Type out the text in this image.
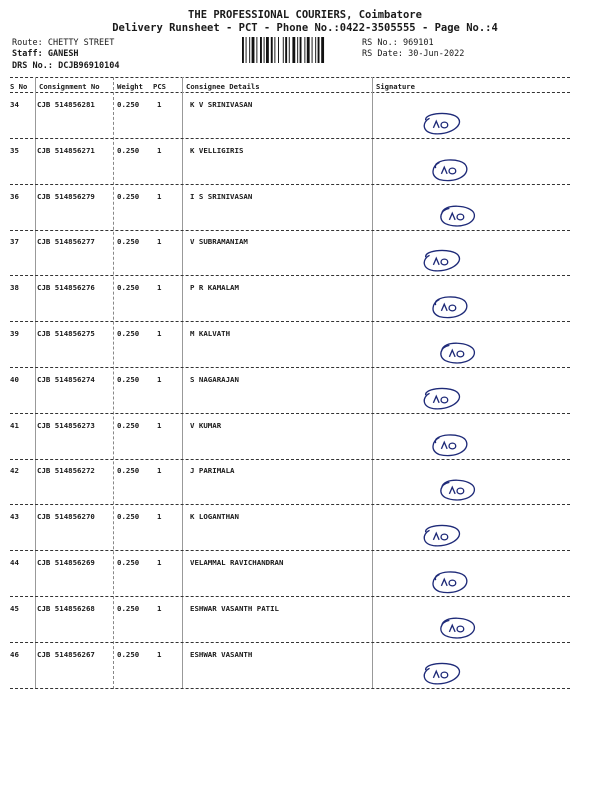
THE PROFESSIONAL COURIERS, Coimbatore
Delivery Runsheet - PCT - Phone No.:0422-3505555 - Page No.:4
Route: CHETTY STREET
Staff: GANESH
DRS No.: DCJB96910104
RS No.: 969101
RS Date: 30-Jun-2022
S No Consignment No Weight PCS	Consignee Details	Signature
34 CJB 514856281	0.250 1	K V SRINIVASAN
35 CJB 514856271	0.250 1	K VELLIGIRIS
36 CJB 514856279	0.250 1	I S SRINIVASAN
37 CJB 514856277	0.250 1	V SUBRAMANIAM
38 CJB 514856276	0.250 1	P R KAMALAM
39 CJB 514856275	0.250 1	M KALVATH
40 CJB 514856274	0.250 1	S NAGARAJAN
41 CJB 514856273	0.250 1	V KUMAR
42 CJB 514856272	0.250 1	J PARIMALA
43 CJB 514856270	0.250 1	K LOGANTHAN
44 CJB 514856269	0.250 1	VELAMMAL RAVICHANDRAN
45 CJB 514856268	0.250 1	ESHWAR VASANTH PATIL
46 CJB 514856267	0.250 1	ESHWAR VASANTH
